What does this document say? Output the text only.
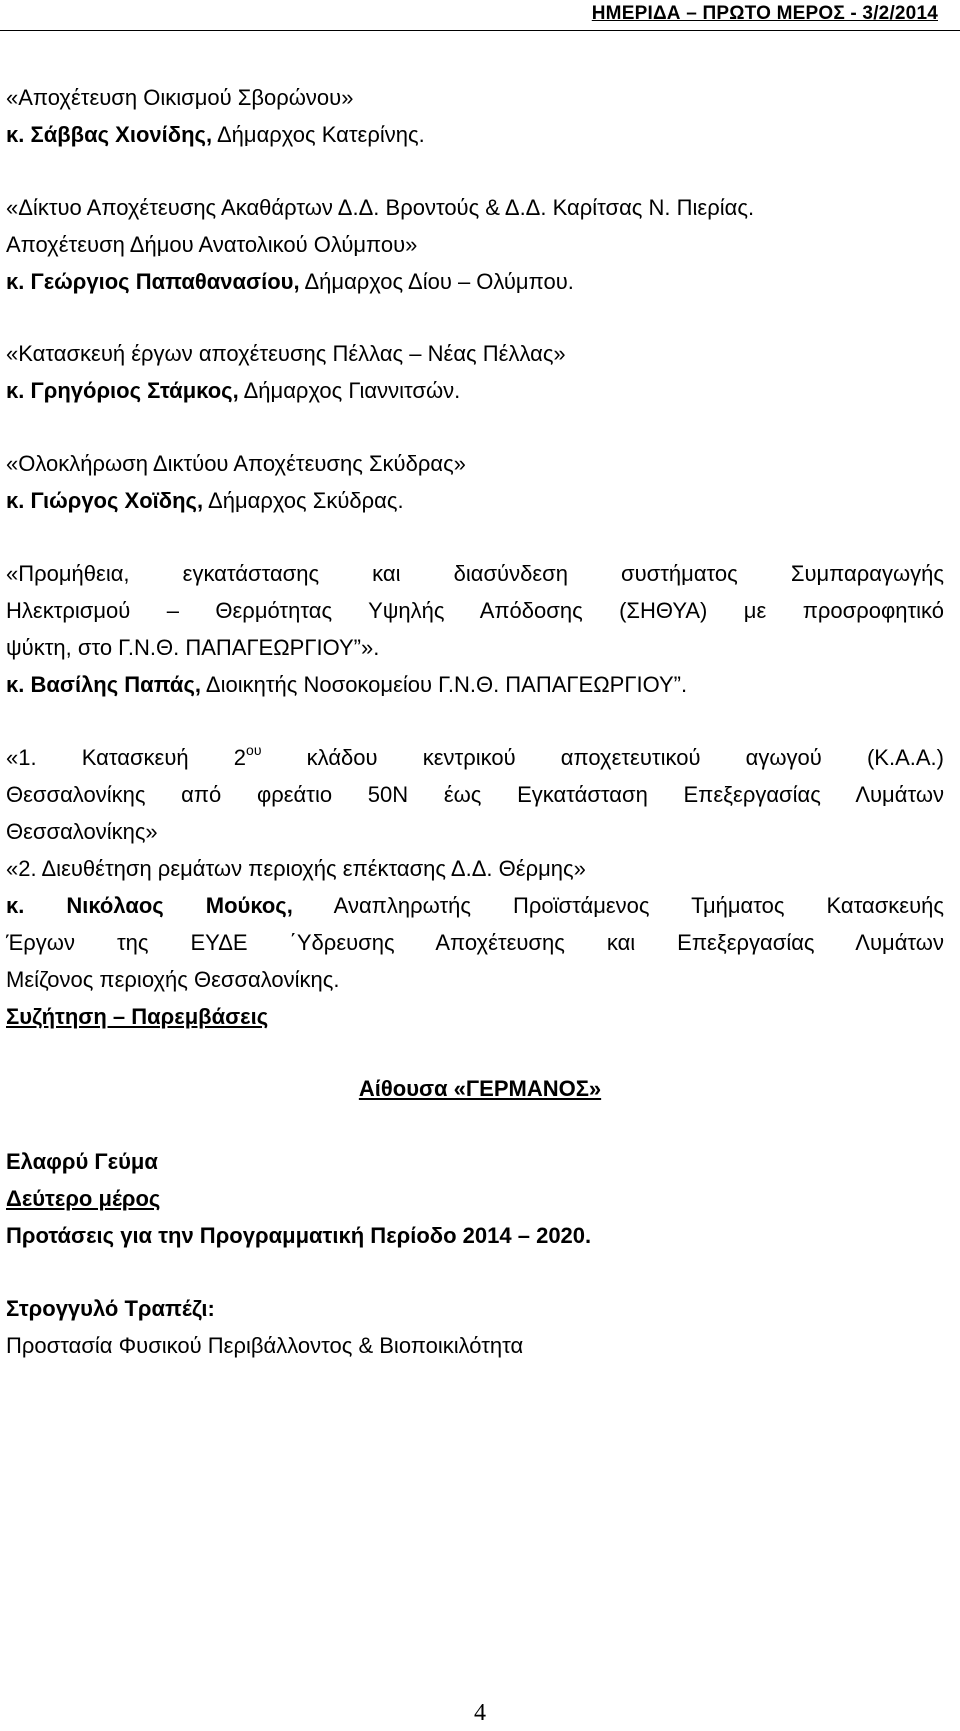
ΗΜΕΡΙΔΑ – ΠΡΩΤΟ ΜΕΡΟΣ - 3/2/2014
«Αποχέτευση Οικισμού Σβορώνου»
κ. Σάββας Χιονίδης, Δήμαρχος Κατερίνης.
«Δίκτυο Αποχέτευσης Ακαθάρτων Δ.Δ. Βροντούς & Δ.Δ. Καρίτσας Ν. Πιερίας.
Αποχέτευση Δήμου Ανατολικού Ολύμπου»
κ. Γεώργιος Παπαθανασίου, Δήμαρχος Δίου – Ολύμπου.
«Κατασκευή έργων αποχέτευσης Πέλλας – Νέας Πέλλας»
κ. Γρηγόριος Στάμκος, Δήμαρχος Γιαννιτσών.
«Ολοκλήρωση Δικτύου Αποχέτευσης Σκύδρας»
κ. Γιώργος Χοϊδης, Δήμαρχος Σκύδρας.
«Προμήθεια, εγκατάστασης και διασύνδεση συστήματος Συμπαραγωγής
Ηλεκτρισμού – Θερμότητας Υψηλής Απόδοσης (ΣΗΘΥΑ) με προσροφητικό
ψύκτη, στο Γ.Ν.Θ. ΠΑΠΑΓΕΩΡΓΙΟΥ”».
κ. Βασίλης Παπάς, Διοικητής Νοσοκομείου Γ.Ν.Θ. ΠΑΠΑΓΕΩΡΓΙΟΥ”.
«1. Κατασκευή $2^{o\upsilon}$ κλάδου κεντρικού αποχετευτικού αγωγού (Κ.Α.Α.)
Θεσσαλονίκης από φρεάτιο 50Ν έως Εγκατάσταση Επεξεργασίας Λυμάτων
Θεσσαλονίκης»
«2. Διευθέτηση ρεμάτων περιοχής επέκτασης Δ.Δ. Θέρμης»
κ. Νικόλαος Μούκος, Αναπληρωτής Προϊστάμενος Τμήματος Κατασκευής
Έργων της ΕΥΔΕ ΄Υδρευσης Αποχέτευσης και Επεξεργασίας Λυμάτων
Μείζονος περιοχής Θεσσαλονίκης.
Συζήτηση – Παρεμβάσεις
Αίθουσα «ΓΕΡΜΑΝΟΣ»
Ελαφρύ Γεύμα
Δεύτερο μέρος
Προτάσεις για την Προγραμματική Περίοδο 2014 – 2020.
Στρογγυλό Τραπέζι:
Προστασία Φυσικού Περιβάλλοντος & Βιοποικιλότητα
4
